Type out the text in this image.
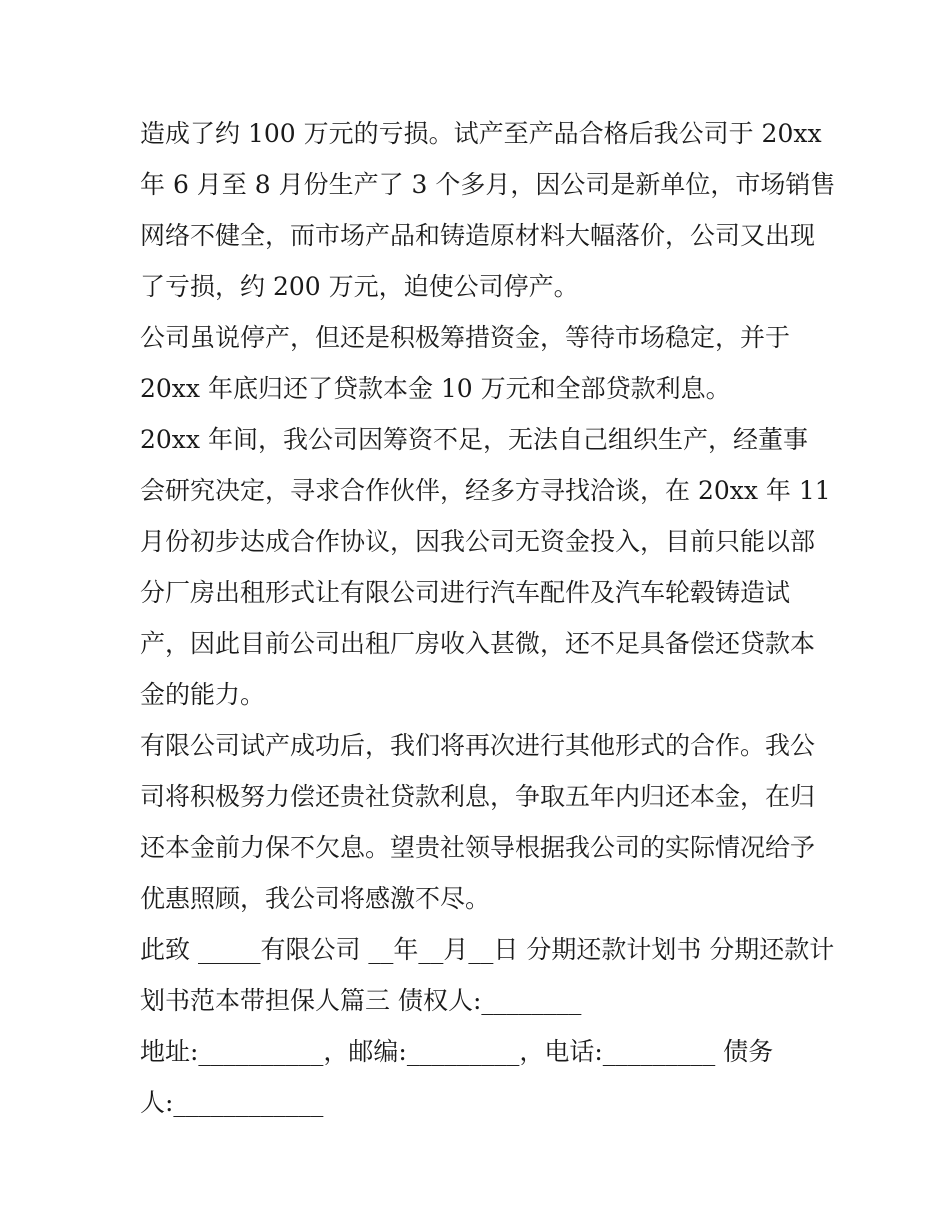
造成了约 100 万元的亏损。试产至产品合格后我公司于 20xx
年 6 月至 8 月份生产了 3 个多月，因公司是新单位，市场销售
网络不健全，而市场产品和铸造原材料大幅落价，公司又出现
了亏损，约 200 万元，迫使公司停产。
公司虽说停产，但还是积极筹措资金，等待市场稳定，并于
20xx 年底归还了贷款本金 10 万元和全部贷款利息。
20xx 年间，我公司因筹资不足，无法自己组织生产，经董事
会研究决定，寻求合作伙伴，经多方寻找洽谈，在 20xx 年 11
月份初步达成合作协议，因我公司无资金投入，目前只能以部
分厂房出租形式让有限公司进行汽车配件及汽车轮毂铸造试
产，因此目前公司出租厂房收入甚微，还不足具备偿还贷款本
金的能力。
有限公司试产成功后，我们将再次进行其他形式的合作。我公
司将积极努力偿还贵社贷款利息，争取五年内归还本金，在归
还本金前力保不欠息。望贵社领导根据我公司的实际情况给予
优惠照顾，我公司将感激不尽。
此致 _____有限公司 __年__月__日 分期还款计划书 分期还款计
划书范本带担保人篇三 债权人:________
地址:__________，邮编:_________，电话:_________ 债务
人:____________
